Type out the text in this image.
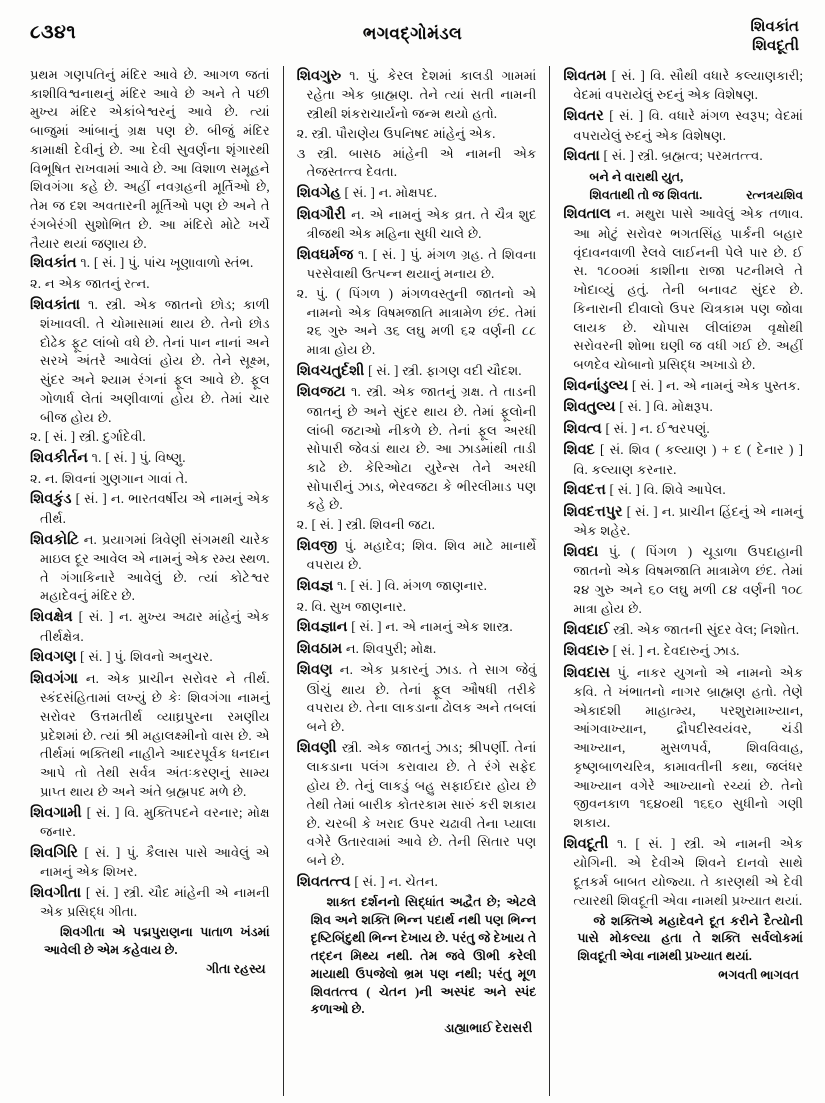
૮૩૪૧	ભગવદ્ગોમંડલ	શિવકાંત
શિવદૂતી

પ્રથમ ગણપતિનું મંદિર આવે છે. આગળ જતાં કાશીવિશ્વનાથનું મંદિર આવે છે અને તે પછી મુખ્ય મંદિર એકાંબેશ્વરનું આવે છે. ત્યાં બાજુમાં આંબાનું ગ્રક્ષ પણ છે. બીજું મંદિર કામાક્ષી દેવીનું છે. આ દેવી સુવર્ણના શૃંગારથી વિભૂષિત રાખવામાં આવે છે. આ વિશાળ સમૂહને શિવગંગા કહે છે. અહીં નવગ્રહની મૂર્તિઓ છે, તેમ જ દશ અવતારની મૂર્તિઓ પણ છે અને તે રંગબેરંગી સુશોભિત છે. આ મંદિરો મોટે ખર્ચે તૈયાર થયાં જણાય છે.

શિવકાંત ૧. [ સં. ] પું. પાંચ ખૂણાવાળો સ્તંભ.

૨. ન એક જાતનું રત્ન.

શિવકાંતા ૧. સ્ત્રી. એક જાતનો છોડ; કાળી શંખાવલી. તે ચોમાસામાં થાય છે. તેનો છોડ દોઢેક ફૂટ લાંબો વધે છે. તેનાં પાન નાનાં અને સરખે અંતરે આવેલાં હોય છે. તેને સૂક્ષ્મ, સુંદર અને શ્યામ રંગનાં ફૂલ આવે છે. ફૂલ ગોળાર્ધ લેતાં અણીવાળાં હોય છે. તેમાં ચાર બીજ હોય છે.

૨. [ સં. ] સ્ત્રી. દુર્ગાદેવી.

શિવકીર્તન ૧. [ સં. ] પું. વિષ્ણુ.

૨. ન. શિવનાં ગુણગાન ગાવાં તે.

શિવકુંડ [ સં. ] ન. ભારતવર્ષીય એ નામનું એક તીર્થ.

શિવકોટિ ન. પ્રયાગમાં ત્રિવેણી સંગમથી ચારેક માઇલ દૂર આવેલ એ નામનું એક રમ્ય સ્થળ. તે ગંગાકિનારે આવેલું છે. ત્યાં કોટેશ્વર મહાદેવનું મંદિર છે.

શિવક્ષેત્ર [ સં. ] ન. મુખ્ય અઢાર માંહેનું એક તીર્થક્ષેત્ર.

શિવગણ [ સં. ] પું. શિવનો અનુચર.

શિવગંગા ન. એક પ્રાચીન સરોવર ને તીર્થ. સ્કંદસંહિતામાં લખ્યું છે કેઃ શિવગંગા નામનું સરોવર ઉત્તમતીર્થ વ્યાઘ્રપુરના રમણીય પ્રદેશમાં છે. ત્યાં શ્રી મહાલક્ષ્મીનો વાસ છે. એ તીર્થમાં ભક્તિથી નાહીને આદરપૂર્વક ધનદાન આપે તો તેથી સર્વત્ર અંતઃકરણનું સામ્ય પ્રાપ્ત થાય છે અને અંતે બ્રહ્મપદ મળે છે.

શિવગામી [ સં. ] વિ. મુક્તિપદને વરનાર; મોક્ષ જનાર.

શિવગિરિ [ સં. ] પું. કૈલાસ પાસે આવેલું એ નામનું એક શિખર.

શિવગીતા [ સં. ] સ્ત્રી. ચૌદ માંહેની એ નામની એક પ્રસિદ્ધ ગીતા.

શિવગીતા એ પદ્મપુરાણના પાતાળ ખંડમાં આવેલી છે એમ કહેવાય છે.

ગીતા રહસ્ય

શિવગુરુ ૧. પું. કેરલ દેશમાં કાલડી ગામમાં રહેતા એક બ્રાહ્મણ. તેને ત્યાં સતી નામની સ્ત્રીથી શંકરાચાર્યનો જન્મ થયો હતો.

૨. સ્ત્રી. પૌરાણેય ઉપનિષદ માંહેનું એક.

૩ સ્ત્રી. બાસઠ માંહેની એ નામની એક તેજસ્તત્ત્વ દેવતા.

શિવગેહ [ સં. ] ન. મોક્ષપદ.

શિવગૌરી ન. એ નામનું એક વ્રત. તે ચૈત્ર શુદ ત્રીજથી એક મહિના સુધી ચાલે છે.

શિવઘર્મજ ૧. [ સં. ] પું. મંગળ ગ્રહ. તે શિવના પરસેવાથી ઉત્પન્ન થયાનું મનાય છે.

૨. પું. ( પિંગળ ) મંગળવસ્તુની જાતનો એ નામનો એક વિષમજાતિ માત્રામેળ છંદ. તેમાં ૨૬ ગુરુ અને ૩૬ લઘુ મળી ૬૨ વર્ણની ૮૮ માત્રા હોય છે.

શિવચતુર્દશી [ સં. ] સ્ત્રી. ફાગણ વદી ચૌદશ.

શિવજટા ૧. સ્ત્રી. એક જાતનું ગ્રક્ષ. તે તાડની જાતનું છે અને સુંદર થાય છે. તેમાં ફૂલોની લાંબી જટાઓ નીકળે છે. તેનાં ફૂલ અરધી સોપારી જેવડાં થાય છે. આ ઝાડમાંથી તાડી કાઢે છે. કેરિઓટા યુરેન્સ તેને અરધી સોપારીનું ઝાડ, ભેરવજટા કે ભીરલીમાડ પણ કહે છે.

૨. [ સં. ] સ્ત્રી. શિવની જટા.

શિવજી પું. મહાદેવ; શિવ. શિવ માટે માનાર્થે વપરાય છે.

શિવજ્ઞ ૧. [ સં. ] વિ. મંગળ જાણનાર.

૨. વિ. સુખ જાણનાર.

શિવજ્ઞાન [ સં. ] ન. એ નામનું એક શાસ્ત્ર.

શિવઠામ ન. શિવપુરી; મોક્ષ.

શિવણ ન. એક પ્રકારનું ઝાડ. તે સાગ જેવું ઊંચું થાય છે. તેનાં ફૂલ ઔષધી તરીકે વપરાય છે. તેના લાકડાના ઢોલક અને તબલાં બને છે.

શિવણી સ્ત્રી. એક જાતનું ઝાડ; શ્રીપર્ણી. તેનાં લાકડાના પલંગ કરાવાય છે. તે રંગે સફેદ હોય છે. તેનું લાકડું બહુ સફાઈદાર હોય છે તેથી તેમાં બારીક કોતરકામ સારું કરી શકાય છે. ચરબી કે ખરાદ ઉપર ચઢાવી તેના પ્યાલા વગેરે ઉતારવામાં આવે છે. તેની સિતાર પણ બને છે.

શિવતત્ત્વ [ સં. ] ન. ચેતન.

શાક્ત દર્શનનો સિદ્ધાંત અદ્વૈત છે; એટલે શિવ અને શક્તિ ભિન્ન પદાર્થ નથી પણ ભિન્ન દૃષ્ટિબિંદુથી ભિન્ન દેખાય છે. પરંતુ જે દેખાય તે તદ્દન મિથ્ય નથી. તેમ જવે ઊભી કરેલી માયાથી ઉપજેલો ભ્રમ પણ નથી; પરંતુ મૂળ શિવતત્ત્વ ( ચેતન )ની અસ્પંદ અને સ્પંદ કળાઓ છે.

ડાહ્યાભાઈ દેરાસરી

શિવતમ [ સં. ] વિ. સૌથી વધારે કલ્યાણકારી; વેદમાં વપરાયેલું રુદનું એક વિશેષણ.

શિવતર [ સં. ] વિ. વધારે મંગળ સ્વરૂપ; વેદમાં વપરાયેલું રુદનું એક વિશેષણ.

શિવતા [ સં. ] સ્ત્રી. બ્રહ્મત્વ; પરમતત્ત્વ.

બને ને વારાથી યુત,
શિવતાથી તો જ શિવતા.	રત્નત્રયશિવ

શિવતાલ ન. મથુરા પાસે આવેલું એક તળાવ. આ મોટું સરોવર ભગતસિંહ પાર્કની બહાર વૃંદાવનવાળી રેલવે લાઈનની પેલે પાર છે. ઈ સ. ૧૮૦૦માં કાશીના રાજા પટનીમલે તે ખોદાવ્યું હતું. તેની બનાવટ સુંદર છે. કિનારાની દીવાલો ઉપર ચિત્રકામ પણ જોવા લાયક છે. ચોપાસ લીલાંછમ વૃક્ષોથી સરોવરની શોભા ઘણી જ વધી ગઈ છે. અહીં બળદેવ ચોબાનો પ્રસિદ્ધ અખાડો છે.

શિવનાંડુલ્ય [ સં. ] ન. એ નામનું એક પુસ્તક.

શિવતુલ્ય [ સં. ] વિ. મોક્ષરૂપ.

શિવત્વ [ સં. ] ન. ઈશ્વરપણું.

શિવદ [ સં. શિવ ( કલ્યાણ ) + દ ( દેનાર ) ] વિ. કલ્યાણ કરનાર.

શિવદત્ત [ સં. ] વિ. શિવે આપેલ.

શિવદત્તપુર [ સં. ] ન. પ્રાચીન હિંદનું એ નામનું એક શહેર.

શિવદા પું. ( પિંગળ ) ચૂડાળા ઉપદાહાની જાતનો એક વિષમજાતિ માત્રામેળ છંદ. તેમાં ૨૪ ગુરુ અને ૬૦ લઘુ મળી ૮૪ વર્ણની ૧૦૮ માત્રા હોય છે.

શિવદાઈ સ્ત્રી. એક જાતની સુંદર વેલ; નિશોત.

શિવદારુ [ સં. ] ન. દેવદારુનું ઝાડ.

શિવદાસ પું. નાકર યુગનો એ નામનો એક કવિ. તે ખંભાતનો નાગર બ્રાહ્મણ હતો. તેણે એકાદશી માહાત્મ્ય, પરશુરામાખ્યાન, આંગવાખ્યાન, દ્રૌપદીસ્વયંવર, ચંડી આખ્યાન, મુસળપર્વ, શિવવિવાહ, કૃષ્ણબાળચરિત્ર, કામાવતીની કથા, જલંધર આખ્યાન વગેરે આખ્યાનો રચ્યાં છે. તેનો જીવનકાળ ૧૬૪૦થી ૧૬૬૦ સુધીનો ગણી શકાય.

શિવદૂતી ૧. [ સં. ] સ્ત્રી. એ નામની એક યોગિની. એ દેવીએ શિવને દાનવો સાથે દૂતકર્મ બાબત યોજ્યા. તે કારણથી એ દેવી ત્યારથી શિવદૂતી એવા નામથી પ્રખ્યાત થયાં.

જે શક્તિએ મહાદેવને દૂત કરીને દૈત્યોની પાસે મોકલ્યા હતા તે શક્તિ સર્વલોકમાં શિવદૂતી એવા નામથી પ્રખ્યાત થયાં.

ભગવતી ભાગવત
